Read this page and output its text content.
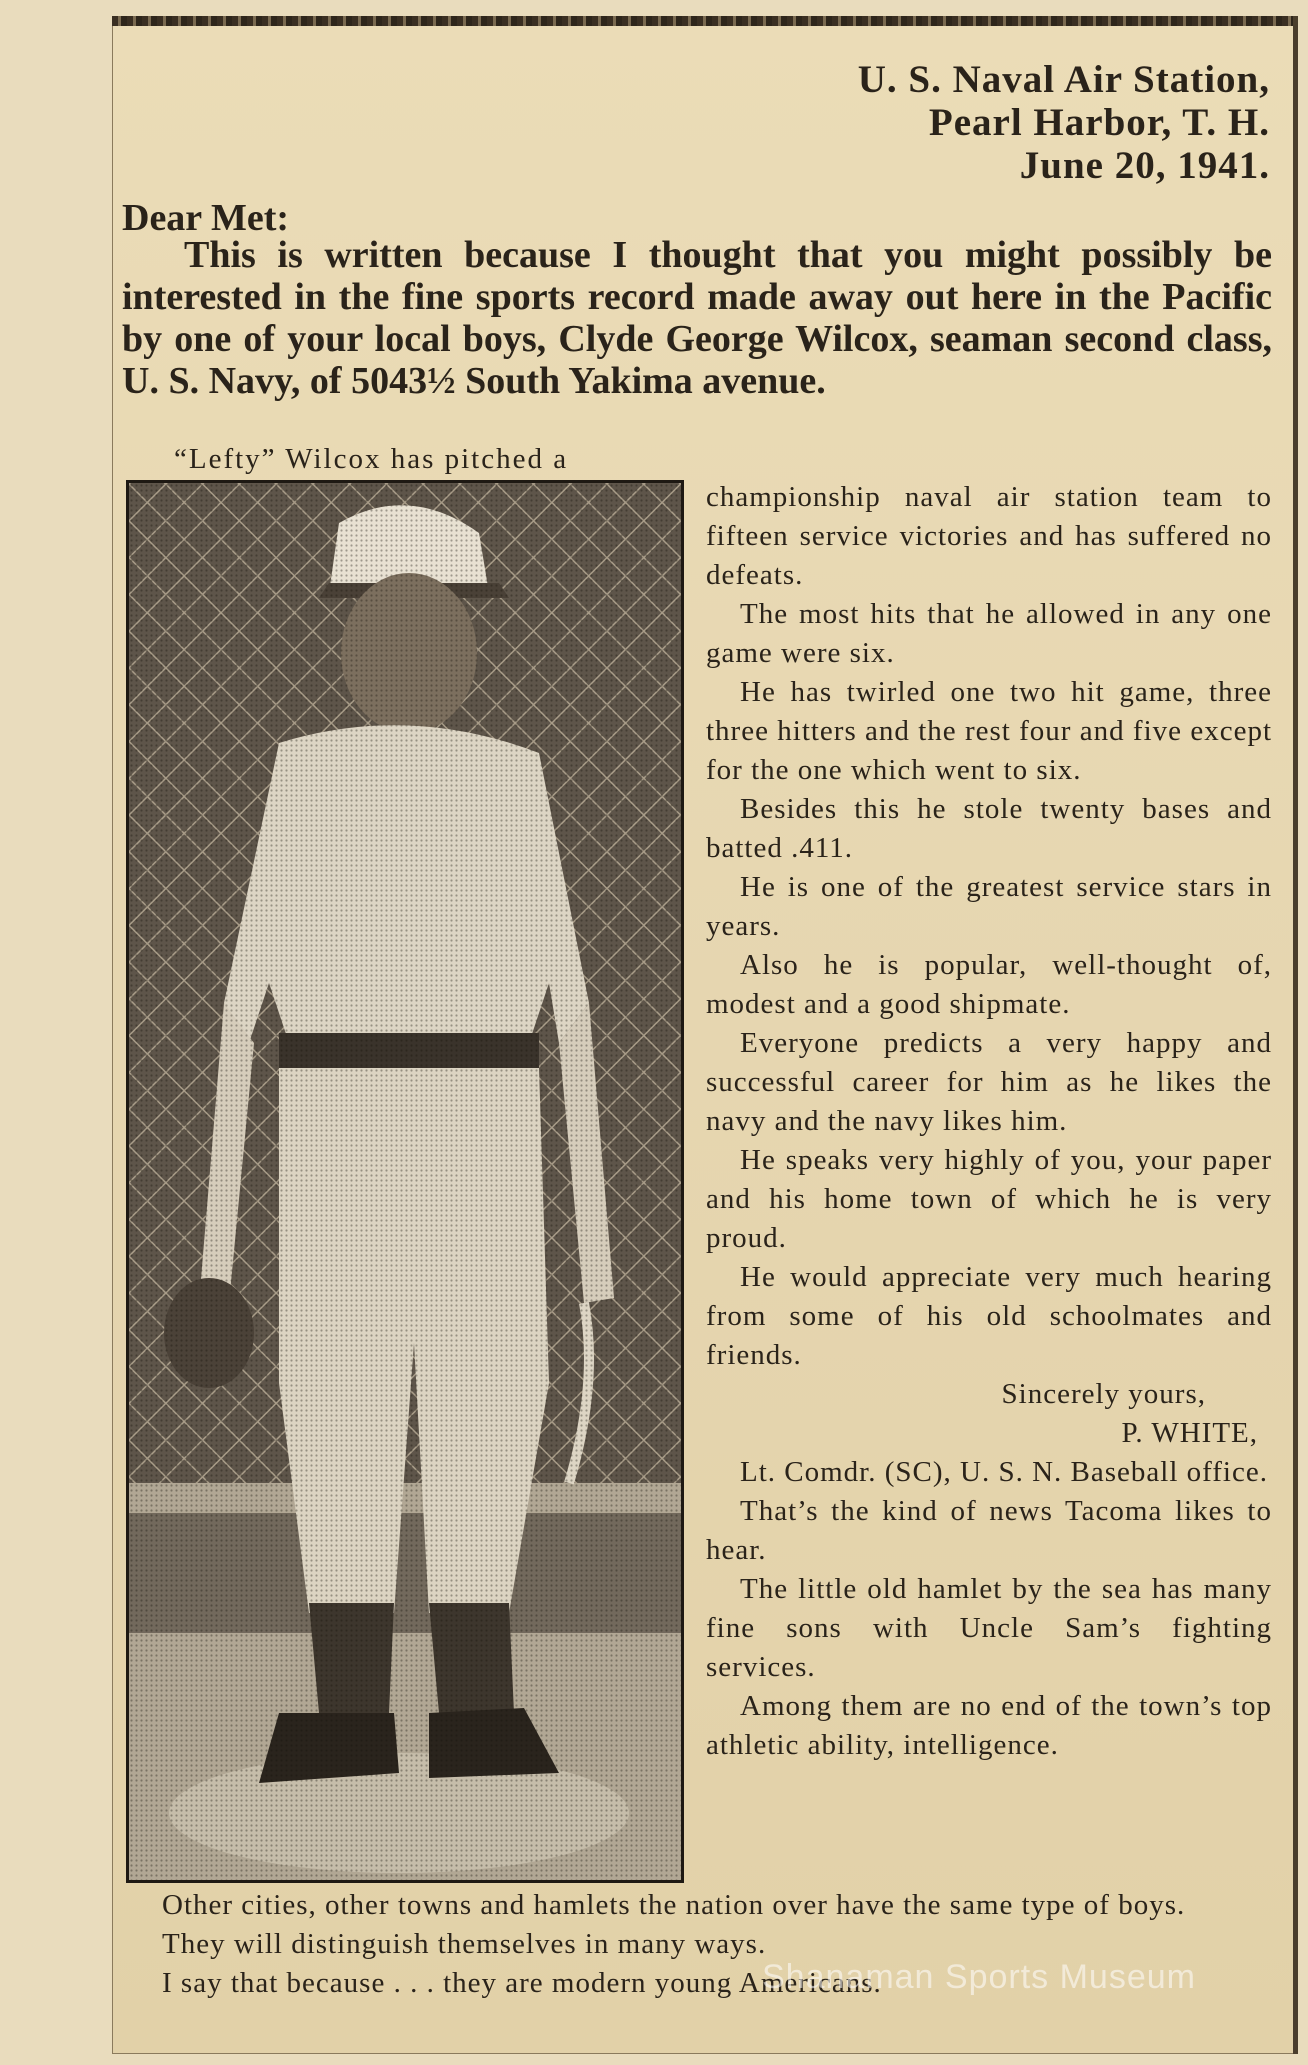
U. S. Naval Air Station,
Pearl Harbor, T. H.
June 20, 1941.
Dear Met:
This is written because I thought that you might possibly be interested in the fine sports record made away out here in the Pacific by one of your local boys, Clyde George Wilcox, seaman second class, U. S. Navy, of 5043½ South Yakima avenue.
“Lefty” Wilcox has pitched a

championship naval air station team to fifteen service victories and has suffered no defeats.

The most hits that he allowed in any one game were six.

He has twirled one two hit game, three three hitters and the rest four and five except for the one which went to six.

Besides this he stole twenty bases and batted .411.

He is one of the greatest service stars in years.

Also he is popular, well-thought of, modest and a good shipmate.

Everyone predicts a very happy and successful career for him as he likes the navy and the navy likes him.

He speaks very highly of you, your paper and his home town of which he is very proud.

He would appreciate very much hearing from some of his old schoolmates and friends.

Sincerely yours,

P. WHITE,

Lt. Comdr. (SC), U. S. N. Baseball office.

That’s the kind of news Tacoma likes to hear.

The little old hamlet by the sea has many fine sons with Uncle Sam’s fighting services.

Among them are no end of the town’s top athletic ability, intelligence.

Other cities, other towns and hamlets the nation over have the same type of boys.

They will distinguish themselves in many ways.

I say that because . . . they are modern young Americans.

Shanaman Sports Museum
